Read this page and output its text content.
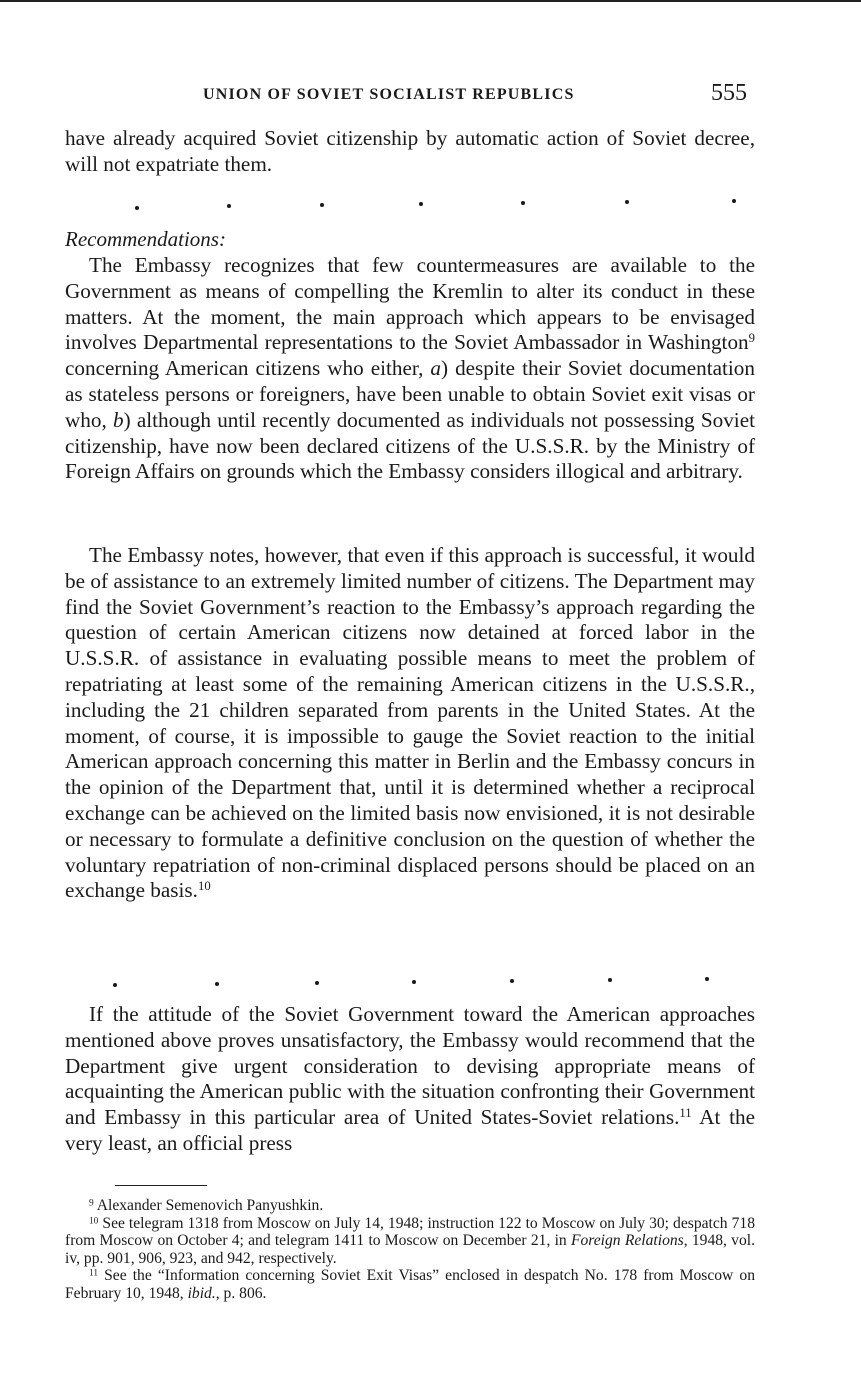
UNION OF SOVIET SOCIALIST REPUBLICS	555

have already acquired Soviet citizenship by automatic action of Soviet decree, will not expatriate them.

Recommendations:

The Embassy recognizes that few countermeasures are available to the Government as means of compelling the Kremlin to alter its conduct in these matters. At the moment, the main approach which appears to be envisaged involves Departmental representations to the Soviet Ambassador in Washington$^9$ concerning American citizens who either, a) despite their Soviet documentation as stateless persons or foreigners, have been unable to obtain Soviet exit visas or who, b) although until recently documented as individuals not possessing Soviet citizenship, have now been declared citizens of the U.S.S.R. by the Ministry of Foreign Affairs on grounds which the Embassy considers illogical and arbitrary.

The Embassy notes, however, that even if this approach is successful, it would be of assistance to an extremely limited number of citizens. The Department may find the Soviet Government’s reaction to the Embassy’s approach regarding the question of certain American citizens now detained at forced labor in the U.S.S.R. of assistance in evaluating possible means to meet the problem of repatriating at least some of the remaining American citizens in the U.S.S.R., including the 21 children separated from parents in the United States. At the moment, of course, it is impossible to gauge the Soviet reaction to the initial American approach concerning this matter in Berlin and the Embassy concurs in the opinion of the Department that, until it is determined whether a reciprocal exchange can be achieved on the limited basis now envisioned, it is not desirable or necessary to formulate a definitive conclusion on the question of whether the voluntary repatriation of non-criminal displaced persons should be placed on an exchange basis.$^{10}$

If the attitude of the Soviet Government toward the American approaches mentioned above proves unsatisfactory, the Embassy would recommend that the Department give urgent consideration to devising appropriate means of acquainting the American public with the situation confronting their Government and Embassy in this particular area of United States-Soviet relations.$^{11}$ At the very least, an official press

$^9$ Alexander Semenovich Panyushkin.

$^{10}$ See telegram 1318 from Moscow on July 14, 1948; instruction 122 to Moscow on July 30; despatch 718 from Moscow on October 4; and telegram 1411 to Moscow on December 21, in Foreign Relations, 1948, vol. iv, pp. 901, 906, 923, and 942, respectively.

$^{11}$ See the “Information concerning Soviet Exit Visas” enclosed in despatch No. 178 from Moscow on February 10, 1948, ibid., p. 806.
